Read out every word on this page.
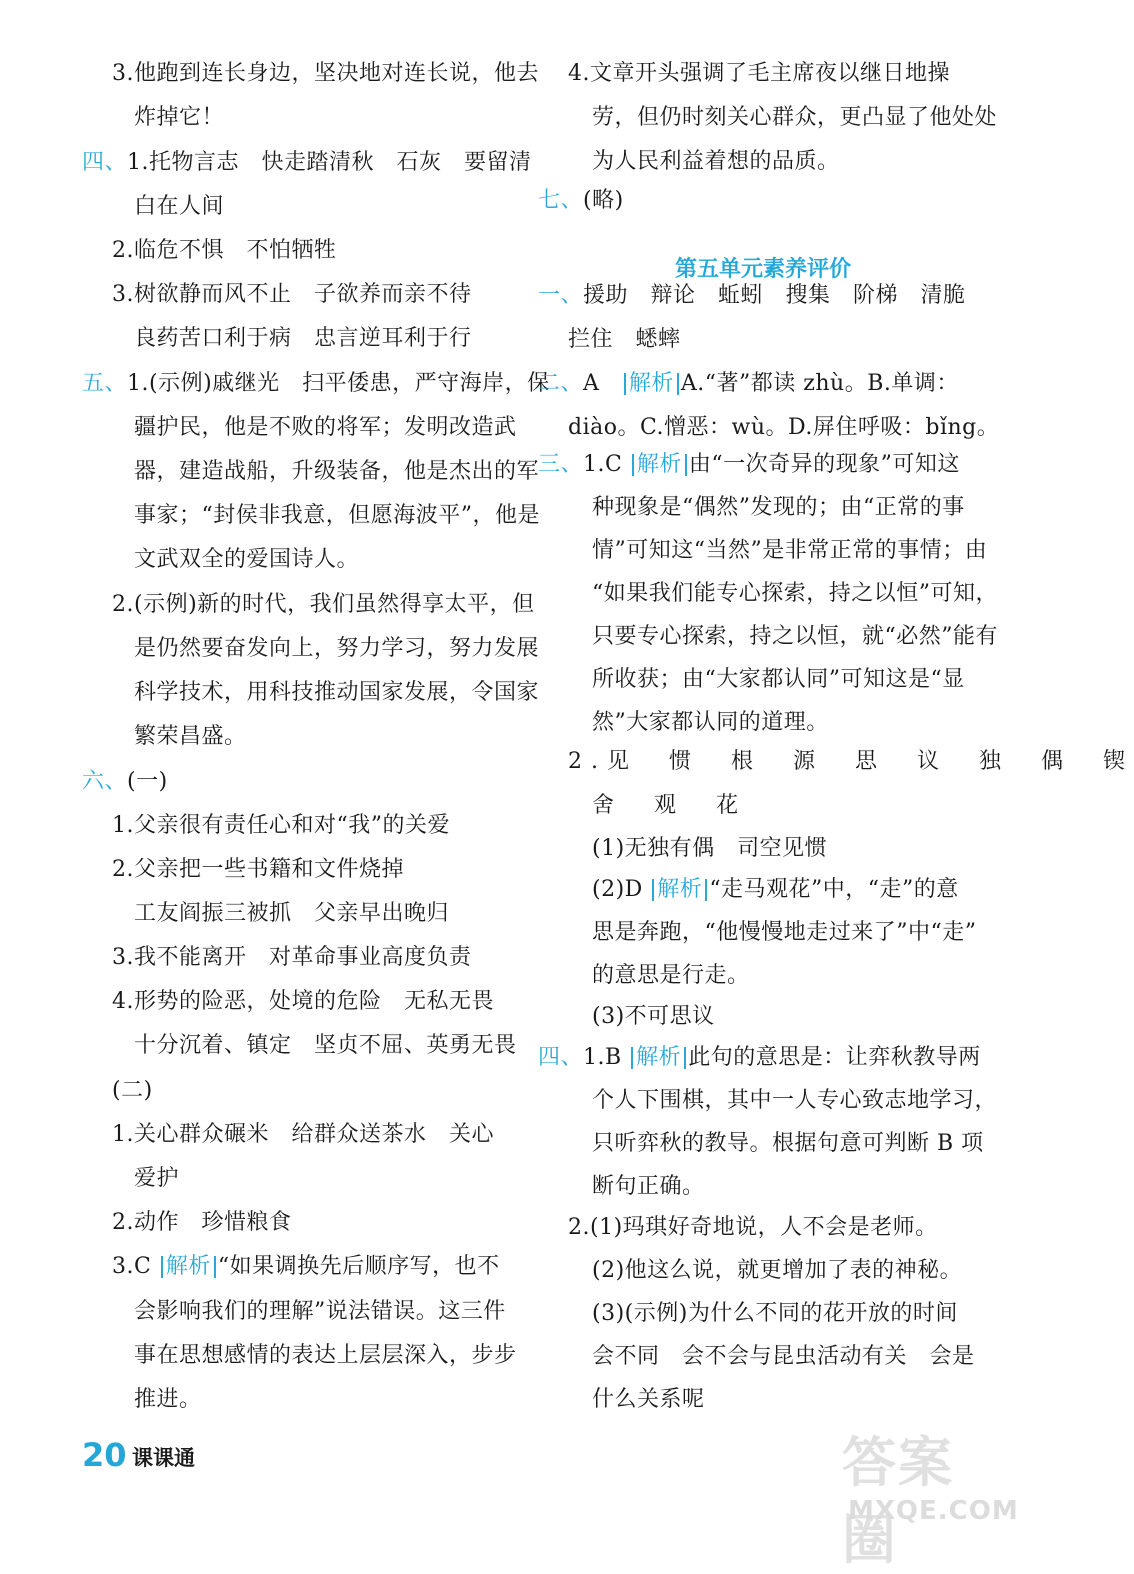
3.他跑到连长身边，坚决地对连长说，他去
炸掉它！
四、1.托物言志　快走踏清秋　石灰　要留清
白在人间
2.临危不惧　不怕牺牲
3.树欲静而风不止　子欲养而亲不待
良药苦口利于病　忠言逆耳利于行
五、1.(示例)戚继光　扫平倭患，严守海岸，保
疆护民，他是不败的将军；发明改造武
器，建造战船，升级装备，他是杰出的军
事家；“封侯非我意，但愿海波平”，他是
文武双全的爱国诗人。
2.(示例)新的时代，我们虽然得享太平，但
是仍然要奋发向上，努力学习，努力发展
科学技术，用科技推动国家发展，令国家
繁荣昌盛。
六、(一)
1.父亲很有责任心和对“我”的关爱
2.父亲把一些书籍和文件烧掉
工友阎振三被抓　父亲早出晚归
3.我不能离开　对革命事业高度负责
4.形势的险恶，处境的危险　无私无畏
十分沉着、镇定　坚贞不屈、英勇无畏
(二)
1.关心群众碾米　给群众送茶水　关心
爱护
2.动作　珍惜粮食
3.C 解析 “如果调换先后顺序写，也不
会影响我们的理解”说法错误。这三件
事在思想感情的表达上层层深入，步步
推进。
第五单元素养评价
4.文章开头强调了毛主席夜以继日地操
劳，但仍时刻关心群众，更凸显了他处处
为人民利益着想的品质。
七、(略)
一、援助　辩论　蚯蚓　搜集　阶梯　清脆
拦住　蟋蟀
二、A　解析 A.“著”都读 zhù。B.单调：
diào。C.憎恶：wù。D.屏住呼吸：bǐng。
三、1.C 解析 由“一次奇异的现象”可知这
种现象是“偶然”发现的；由“正常的事
情”可知这“当然”是非常正常的事情；由
“如果我们能专心探索，持之以恒”可知，
只要专心探索，持之以恒，就“必然”能有
所收获；由“大家都认同”可知这是“显
然”大家都认同的道理。
2.见　惯　根　源　思　议　独　偶　锲
舍　观　花
(1)无独有偶　司空见惯
(2)D 解析 “走马观花”中，“走”的意
思是奔跑，“他慢慢地走过来了”中“走”
的意思是行走。
(3)不可思议
四、1.B 解析 此句的意思是：让弈秋教导两
个人下围棋，其中一人专心致志地学习，
只听弈秋的教导。根据句意可判断 B 项
断句正确。
2.(1)玛琪好奇地说，人不会是老师。
(2)他这么说，就更增加了表的神秘。
(3)(示例)为什么不同的花开放的时间
会不同　会不会与昆虫活动有关　会是
什么关系呢
20 课课通	答案圈
MXQE.COM
